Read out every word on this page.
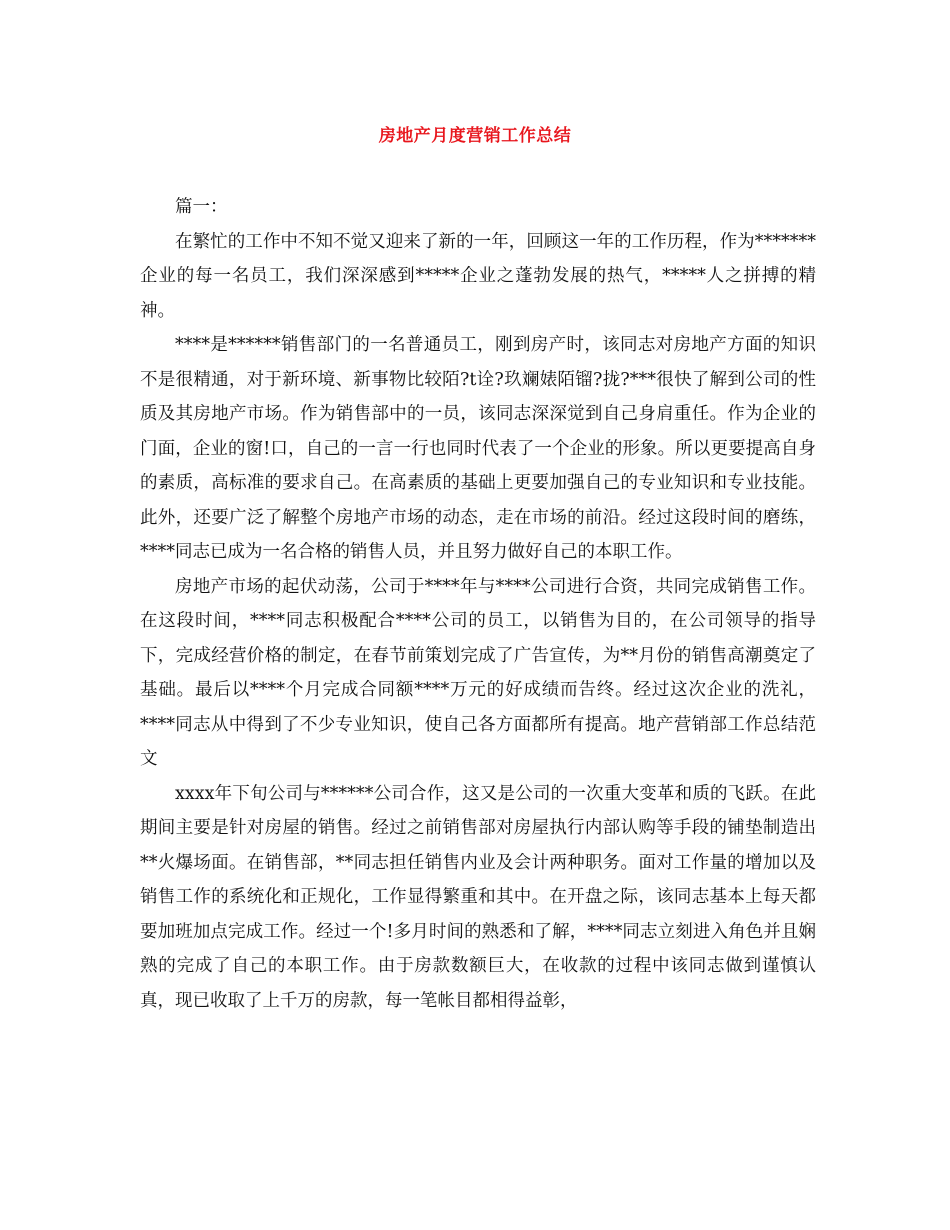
房地产月度营销工作总结

篇一：

在繁忙的工作中不知不觉又迎来了新的一年，回顾这一年的工作历程，作为*******企业的每一名员工，我们深深感到*****企业之蓬勃发展的热气，*****人之拼搏的精神。

****是******销售部门的一名普通员工，刚到房产时，该同志对房地产方面的知识不是很精通，对于新环境、新事物比较陌?t诠?玖斓婊陌镏?拢?***很快了解到公司的性质及其房地产市场。作为销售部中的一员，该同志深深觉到自己身肩重任。作为企业的门面，企业的窗!口，自己的一言一行也同时代表了一个企业的形象。所以更要提高自身的素质，高标准的要求自己。在高素质的基础上更要加强自己的专业知识和专业技能。此外，还要广泛了解整个房地产市场的动态，走在市场的前沿。经过这段时间的磨练，****同志已成为一名合格的销售人员，并且努力做好自己的本职工作。

房地产市场的起伏动荡，公司于****年与****公司进行合资，共同完成销售工作。在这段时间，****同志积极配合****公司的员工，以销售为目的，在公司领导的指导下，完成经营价格的制定，在春节前策划完成了广告宣传，为**月份的销售高潮奠定了基础。最后以****个月完成合同额****万元的好成绩而告终。经过这次企业的洗礼，****同志从中得到了不少专业知识，使自己各方面都所有提高。地产营销部工作总结范文

xxxx年下旬公司与******公司合作，这又是公司的一次重大变革和质的飞跃。在此期间主要是针对房屋的销售。经过之前销售部对房屋执行内部认购等手段的铺垫制造出**火爆场面。在销售部，**同志担任销售内业及会计两种职务。面对工作量的增加以及销售工作的系统化和正规化，工作显得繁重和其中。在开盘之际，该同志基本上每天都要加班加点完成工作。经过一个!多月时间的熟悉和了解，****同志立刻进入角色并且娴熟的完成了自己的本职工作。由于房款数额巨大，在收款的过程中该同志做到谨慎认真，现已收取了上千万的房款，每一笔帐目都相得益彰，
